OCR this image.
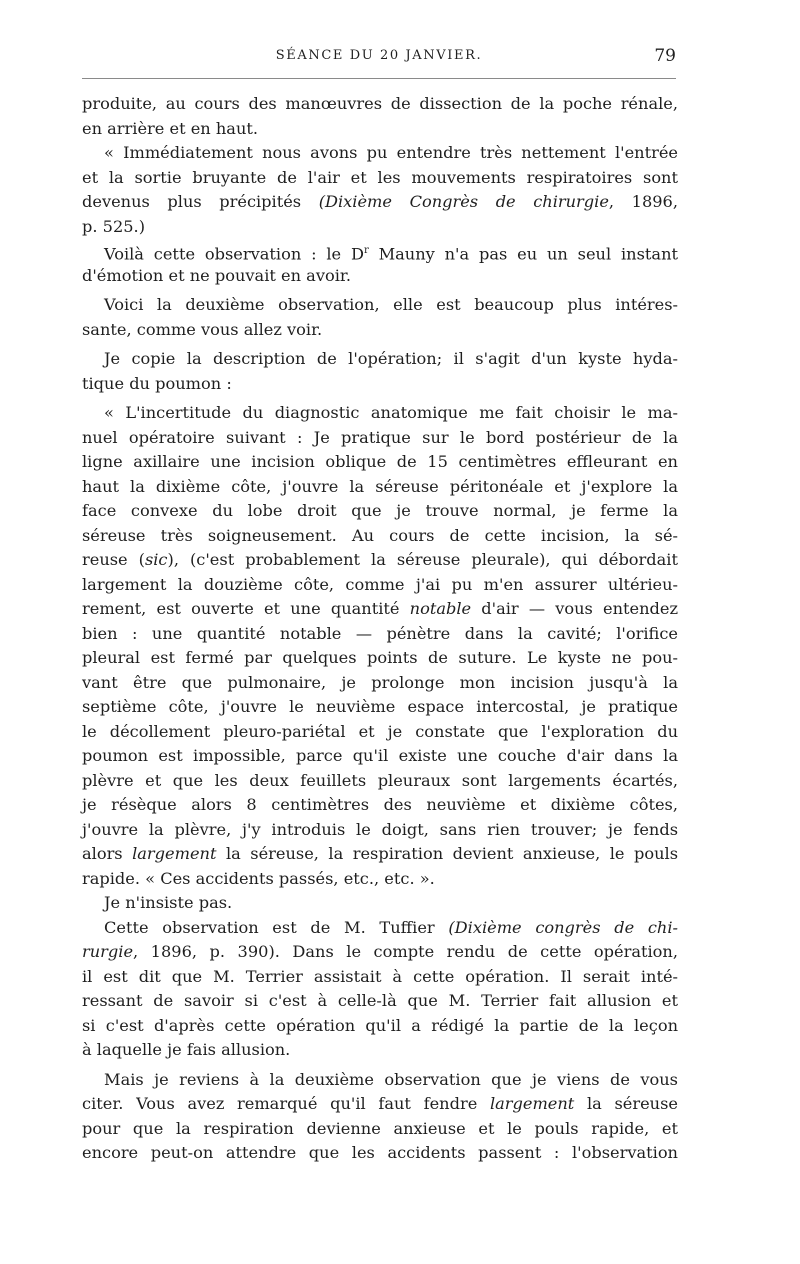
SÉANCE DU 20 JANVIER.	79
produite, au cours des manœuvres de dissection de la poche rénale,
en arrière et en haut.
« Immédiatement nous avons pu entendre très nettement l'entrée
et la sortie bruyante de l'air et les mouvements respiratoires sont
devenus plus précipités (Dixième Congrès de chirurgie, 1896,
p. 525.)
Voilà cette observation : le $D^r$ Mauny n'a pas eu un seul instant
d'émotion et ne pouvait en avoir.
Voici la deuxième observation, elle est beaucoup plus intéres-
sante, comme vous allez voir.
Je copie la description de l'opération; il s'agit d'un kyste hyda-
tique du poumon :
« L'incertitude du diagnostic anatomique me fait choisir le ma-
nuel opératoire suivant : Je pratique sur le bord postérieur de la
ligne axillaire une incision oblique de 15 centimètres effleurant en
haut la dixième côte, j'ouvre la séreuse péritonéale et j'explore la
face convexe du lobe droit que je trouve normal, je ferme la
séreuse très soigneusement. Au cours de cette incision, la sé-
reuse (sic), (c'est probablement la séreuse pleurale), qui débordait
largement la douzième côte, comme j'ai pu m'en assurer ultérieu-
rement, est ouverte et une quantité notable d'air — vous entendez
bien : une quantité notable — pénètre dans la cavité; l'orifice
pleural est fermé par quelques points de suture. Le kyste ne pou-
vant être que pulmonaire, je prolonge mon incision jusqu'à la
septième côte, j'ouvre le neuvième espace intercostal, je pratique
le décollement pleuro-pariétal et je constate que l'exploration du
poumon est impossible, parce qu'il existe une couche d'air dans la
plèvre et que les deux feuillets pleuraux sont largements écartés,
je résèque alors 8 centimètres des neuvième et dixième côtes,
j'ouvre la plèvre, j'y introduis le doigt, sans rien trouver; je fends
alors largement la séreuse, la respiration devient anxieuse, le pouls
rapide. « Ces accidents passés, etc., etc. ».
Je n'insiste pas.
Cette observation est de M. Tuffier (Dixième congrès de chi-
rurgie, 1896, p. 390). Dans le compte rendu de cette opération,
il est dit que M. Terrier assistait à cette opération. Il serait inté-
ressant de savoir si c'est à celle-là que M. Terrier fait allusion et
si c'est d'après cette opération qu'il a rédigé la partie de la leçon
à laquelle je fais allusion.
Mais je reviens à la deuxième observation que je viens de vous
citer. Vous avez remarqué qu'il faut fendre largement la séreuse
pour que la respiration devienne anxieuse et le pouls rapide, et
encore peut-on attendre que les accidents passent : l'observation
